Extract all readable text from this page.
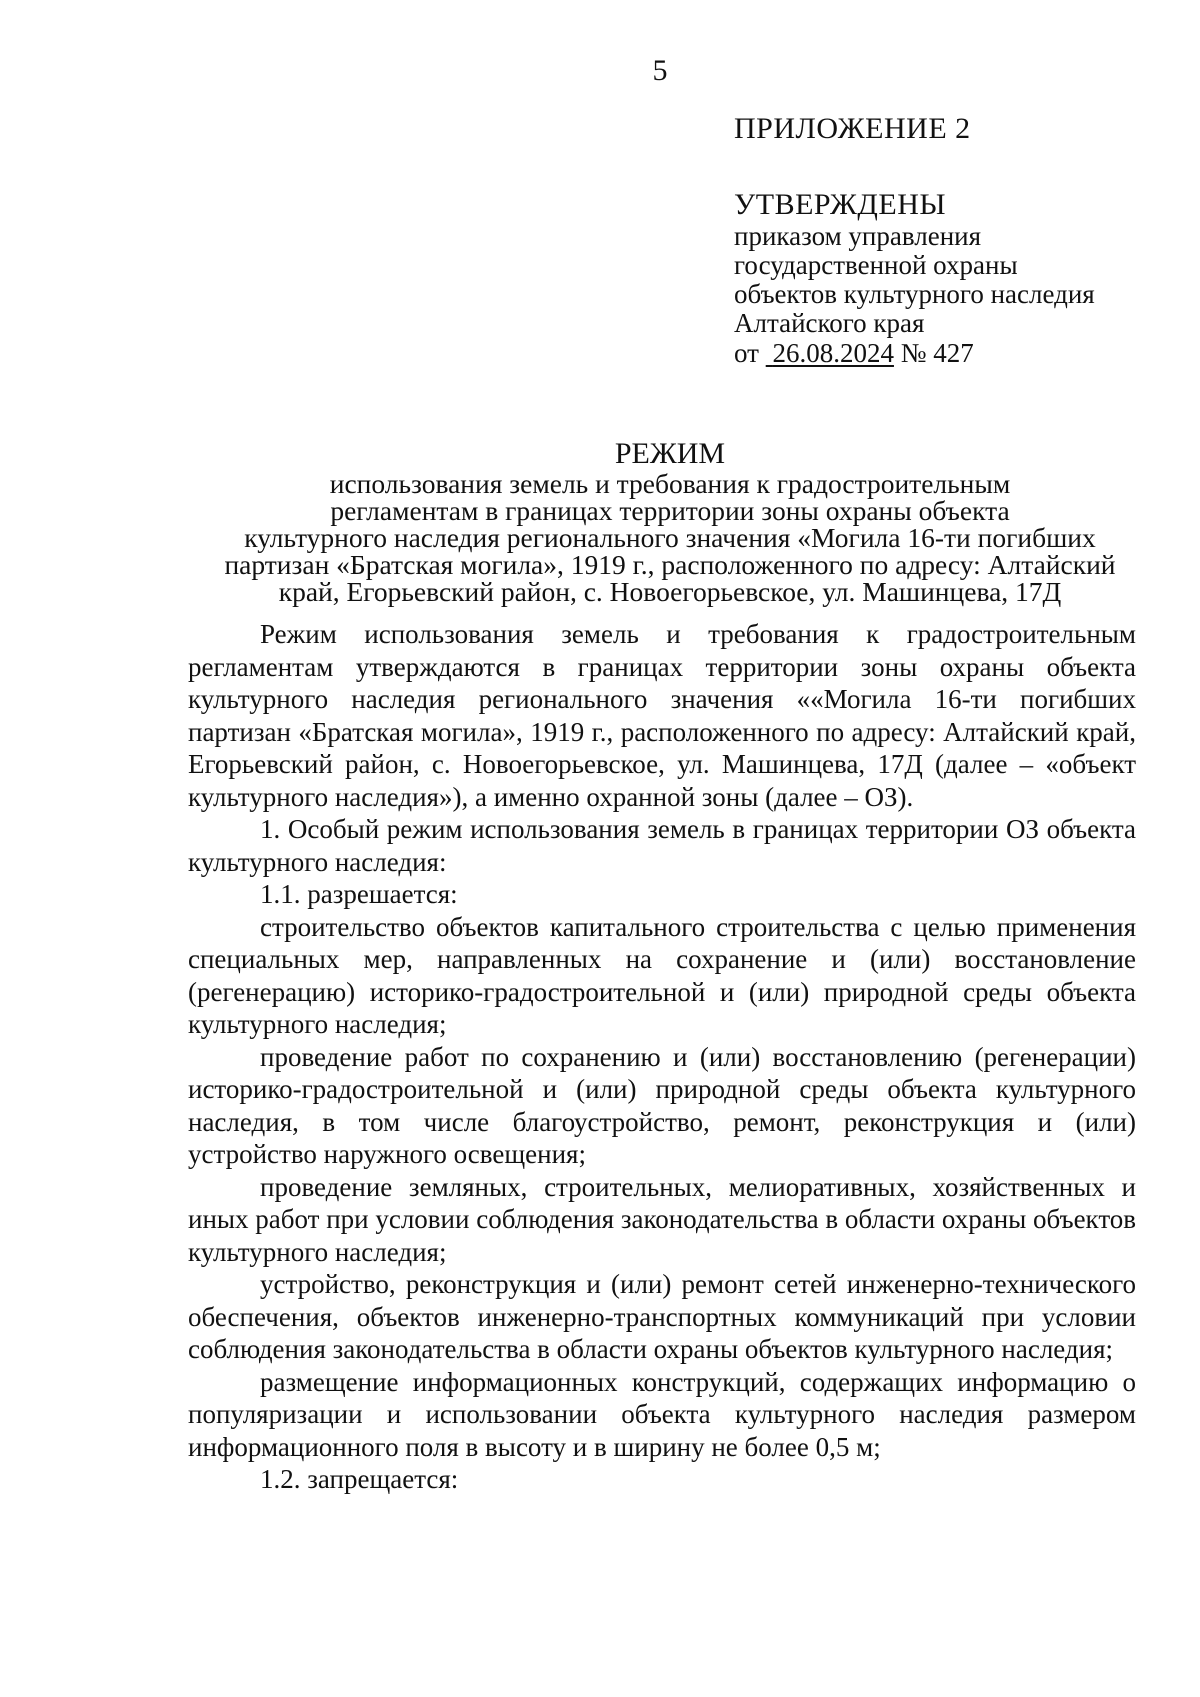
5
ПРИЛОЖЕНИЕ 2
УТВЕРЖДЕНЫ
приказом управления
государственной охраны
объектов культурного наследия
Алтайского края
от 26.08.2024 № 427
РЕЖИМ
использования земель и требования к градостроительным
регламентам в границах территории зоны охраны объекта
культурного наследия регионального значения «Могила 16-ти погибших
партизан «Братская могила», 1919 г., расположенного по адресу: Алтайский
край, Егорьевский район, с. Новоегорьевское, ул. Машинцева, 17Д

Режим использования земель и требования к градостроительным регламентам утверждаются в границах территории зоны охраны объекта культурного наследия регионального значения ««Могила 16-ти погибших партизан «Братская могила», 1919 г., расположенного по адресу: Алтайский край, Егорьевский район, с. Новоегорьевское, ул. Машинцева, 17Д (далее – «объект культурного наследия»), а именно охранной зоны (далее – ОЗ).

1. Особый режим использования земель в границах территории ОЗ объекта культурного наследия:

1.1. разрешается:

строительство объектов капитального строительства с целью применения специальных мер, направленных на сохранение и (или) восстановление (регенерацию) историко-градостроительной и (или) природной среды объекта культурного наследия;

проведение работ по сохранению и (или) восстановлению (регенерации) историко-градостроительной и (или) природной среды объекта культурного наследия, в том числе благоустройство, ремонт, реконструкция и (или) устройство наружного освещения;

проведение земляных, строительных, мелиоративных, хозяйственных и иных работ при условии соблюдения законодательства в области охраны объектов культурного наследия;

устройство, реконструкция и (или) ремонт сетей инженерно-технического обеспечения, объектов инженерно-транспортных коммуникаций при условии соблюдения законодательства в области охраны объектов культурного наследия;

размещение информационных конструкций, содержащих информацию о популяризации и использовании объекта культурного наследия размером информационного поля в высоту и в ширину не более 0,5 м;

1.2. запрещается:
